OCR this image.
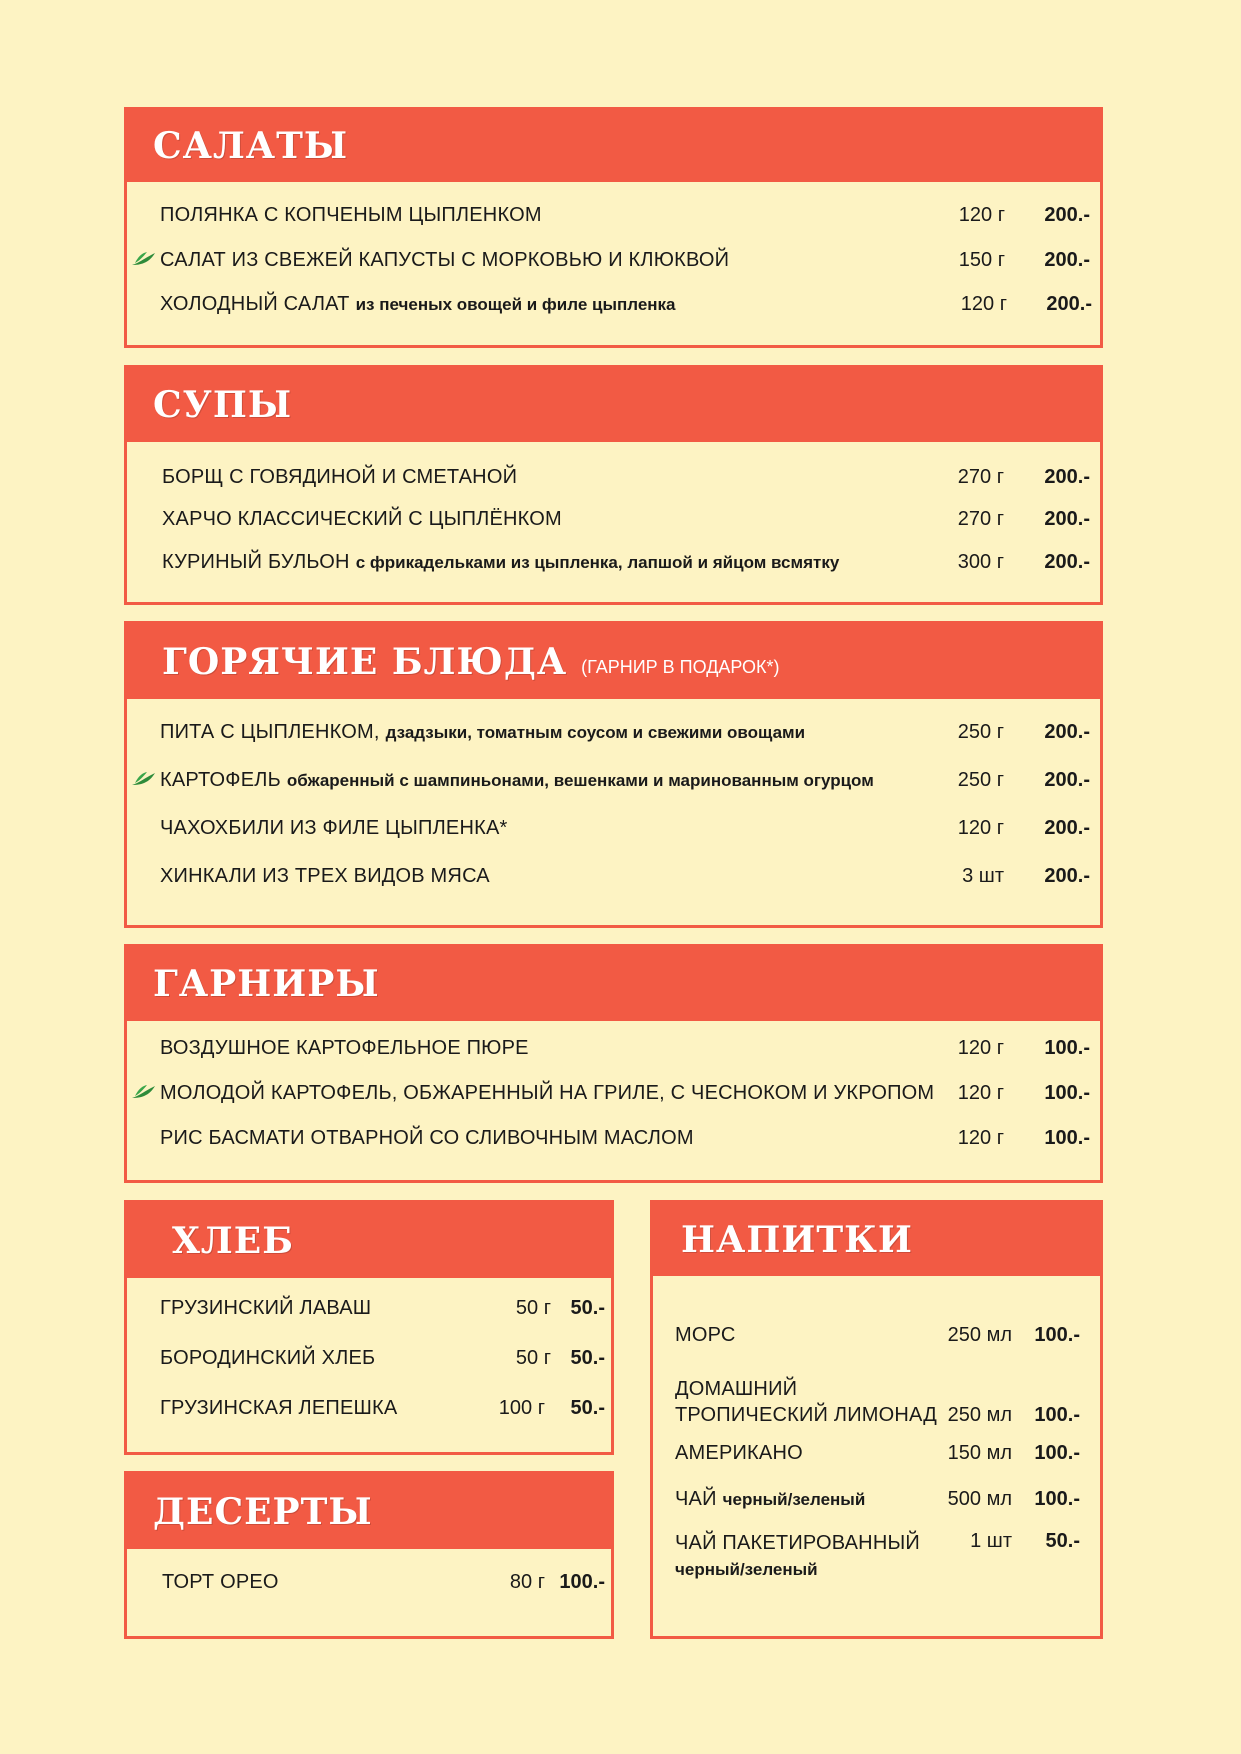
САЛАТЫ
ПОЛЯНКА С КОПЧЕНЫМ ЦЫПЛЕНКОМ	120 г 200.-
САЛАТ ИЗ СВЕЖЕЙ КАПУСТЫ С МОРКОВЬЮ И КЛЮКВОЙ	150 г 200.-
ХОЛОДНЫЙ САЛАТ из печеных овощей и филе цыпленка	120 г 200.-
СУПЫ
БОРЩ С ГОВЯДИНОЙ И СМЕТАНОЙ	270 г 200.-
ХАРЧО КЛАССИЧЕСКИЙ С ЦЫПЛЁНКОМ	270 г 200.-
КУРИНЫЙ БУЛЬОН с фрикадельками из цыпленка, лапшой и яйцом всмятку	300 г 200.-
ГОРЯЧИЕ БЛЮДА (ГАРНИР В ПОДАРОК*)
ПИТА С ЦЫПЛЕНКОМ, дзадзыки, томатным соусом и свежими овощами	250 г 200.-
КАРТОФЕЛЬ обжаренный с шампиньонами, вешенками и маринованным огурцом	250 г 200.-
ЧАХОХБИЛИ ИЗ ФИЛЕ ЦЫПЛЕНКА*	120 г 200.-
ХИНКАЛИ ИЗ ТРЕХ ВИДОВ МЯСА	3 шт 200.-
ГАРНИРЫ
ВОЗДУШНОЕ КАРТОФЕЛЬНОЕ ПЮРЕ	120 г 100.-
МОЛОДОЙ КАРТОФЕЛЬ, ОБЖАРЕННЫЙ НА ГРИЛЕ, С ЧЕСНОКОМ И УКРОПОМ 120 г 100.-
РИС БАСМАТИ ОТВАРНОЙ СО СЛИВОЧНЫМ МАСЛОМ	120 г 100.-
ХЛЕБ
ГРУЗИНСКИЙ ЛАВАШ	50 г 50.-
БОРОДИНСКИЙ ХЛЕБ	50 г 50.-
ГРУЗИНСКАЯ ЛЕПЕШКА	100 г 50.-
ДЕСЕРТЫ
ТОРТ ОРЕО	80 г 100.-
НАПИТКИ
МОРС	250 мл 100.-
ДОМАШНИЙ
ТРОПИЧЕСКИЙ ЛИМОНАД 250 мл 100.-
АМЕРИКАНО	150 мл 100.-
ЧАЙ черный/зеленый	500 мл 100.-
ЧАЙ ПАКЕТИРОВАННЫЙ
черный/зеленый
1 шт 50.-
